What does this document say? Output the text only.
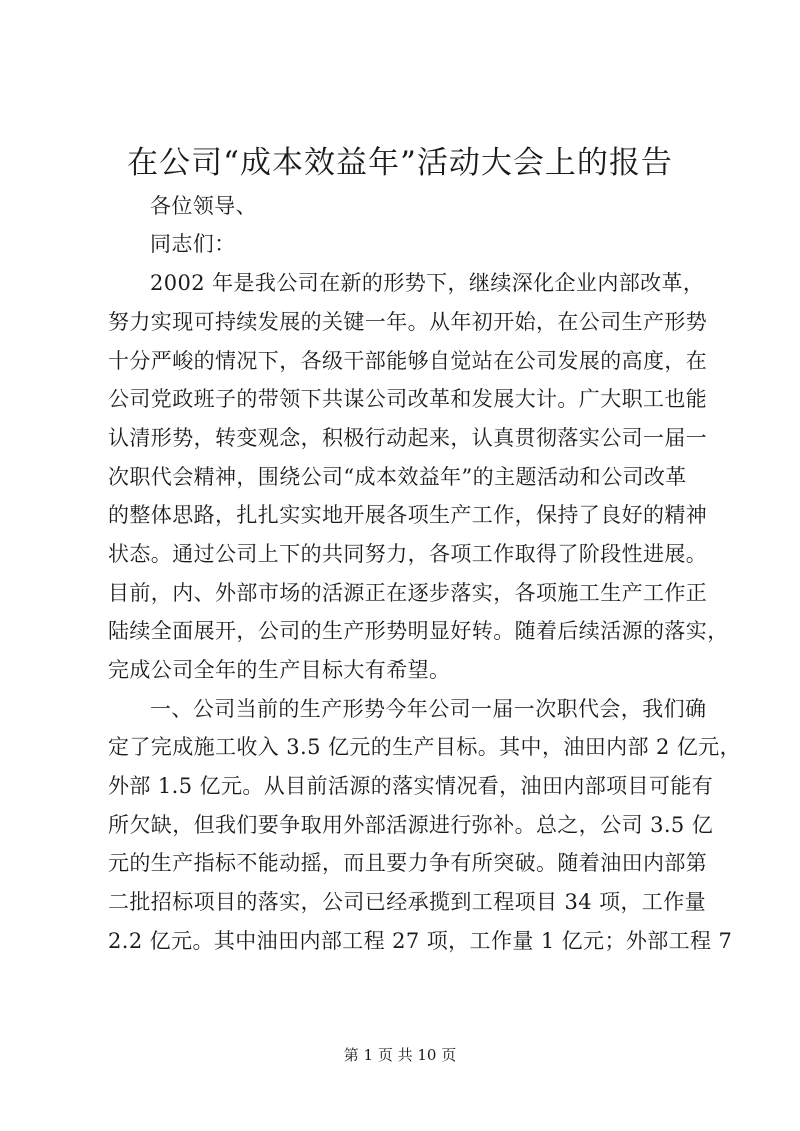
在公司“成本效益年”活动大会上的报告
各位领导、
同志们：
2002 年是我公司在新的形势下，继续深化企业内部改革，
努力实现可持续发展的关键一年。从年初开始，在公司生产形势
十分严峻的情况下，各级干部能够自觉站在公司发展的高度，在
公司党政班子的带领下共谋公司改革和发展大计。广大职工也能
认清形势，转变观念，积极行动起来，认真贯彻落实公司一届一
次职代会精神，围绕公司“成本效益年”的主题活动和公司改革
的整体思路，扎扎实实地开展各项生产工作，保持了良好的精神
状态。通过公司上下的共同努力，各项工作取得了阶段性进展。
目前，内、外部市场的活源正在逐步落实，各项施工生产工作正
陆续全面展开，公司的生产形势明显好转。随着后续活源的落实，
完成公司全年的生产目标大有希望。
一、公司当前的生产形势今年公司一届一次职代会，我们确
定了完成施工收入 3.5 亿元的生产目标。其中，油田内部 2 亿元，
外部 1.5 亿元。从目前活源的落实情况看，油田内部项目可能有
所欠缺，但我们要争取用外部活源进行弥补。总之，公司 3.5 亿
元的生产指标不能动摇，而且要力争有所突破。随着油田内部第
二批招标项目的落实，公司已经承揽到工程项目 34 项，工作量
2.2 亿元。其中油田内部工程 27 项，工作量 1 亿元；外部工程 7
第 1 页 共 10 页
